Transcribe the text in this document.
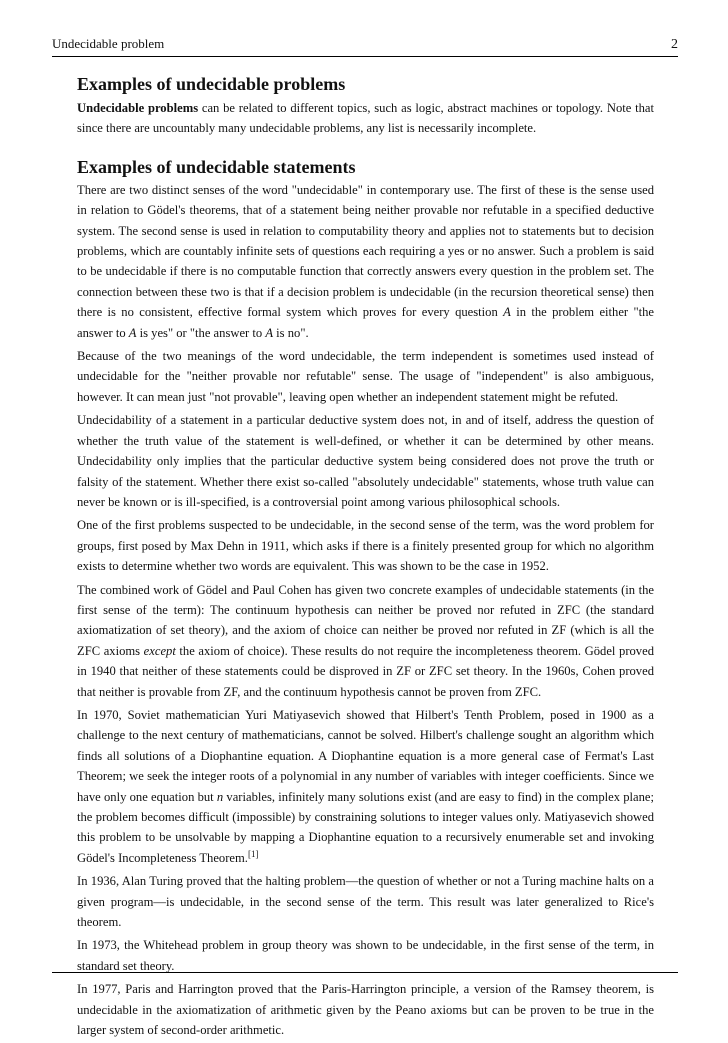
Undecidable problem	2
Examples of undecidable problems

Undecidable problems can be related to different topics, such as logic, abstract machines or topology. Note that since there are uncountably many undecidable problems, any list is necessarily incomplete.

Examples of undecidable statements

There are two distinct senses of the word "undecidable" in contemporary use. The first of these is the sense used in relation to Gödel's theorems, that of a statement being neither provable nor refutable in a specified deductive system. The second sense is used in relation to computability theory and applies not to statements but to decision problems, which are countably infinite sets of questions each requiring a yes or no answer. Such a problem is said to be undecidable if there is no computable function that correctly answers every question in the problem set. The connection between these two is that if a decision problem is undecidable (in the recursion theoretical sense) then there is no consistent, effective formal system which proves for every question A in the problem either "the answer to A is yes" or "the answer to A is no".

Because of the two meanings of the word undecidable, the term independent is sometimes used instead of undecidable for the "neither provable nor refutable" sense. The usage of "independent" is also ambiguous, however. It can mean just "not provable", leaving open whether an independent statement might be refuted.

Undecidability of a statement in a particular deductive system does not, in and of itself, address the question of whether the truth value of the statement is well-defined, or whether it can be determined by other means. Undecidability only implies that the particular deductive system being considered does not prove the truth or falsity of the statement. Whether there exist so-called "absolutely undecidable" statements, whose truth value can never be known or is ill-specified, is a controversial point among various philosophical schools.

One of the first problems suspected to be undecidable, in the second sense of the term, was the word problem for groups, first posed by Max Dehn in 1911, which asks if there is a finitely presented group for which no algorithm exists to determine whether two words are equivalent. This was shown to be the case in 1952.

The combined work of Gödel and Paul Cohen has given two concrete examples of undecidable statements (in the first sense of the term): The continuum hypothesis can neither be proved nor refuted in ZFC (the standard axiomatization of set theory), and the axiom of choice can neither be proved nor refuted in ZF (which is all the ZFC axioms except the axiom of choice). These results do not require the incompleteness theorem. Gödel proved in 1940 that neither of these statements could be disproved in ZF or ZFC set theory. In the 1960s, Cohen proved that neither is provable from ZF, and the continuum hypothesis cannot be proven from ZFC.

In 1970, Soviet mathematician Yuri Matiyasevich showed that Hilbert's Tenth Problem, posed in 1900 as a challenge to the next century of mathematicians, cannot be solved. Hilbert's challenge sought an algorithm which finds all solutions of a Diophantine equation. A Diophantine equation is a more general case of Fermat's Last Theorem; we seek the integer roots of a polynomial in any number of variables with integer coefficients. Since we have only one equation but n variables, infinitely many solutions exist (and are easy to find) in the complex plane; the problem becomes difficult (impossible) by constraining solutions to integer values only. Matiyasevich showed this problem to be unsolvable by mapping a Diophantine equation to a recursively enumerable set and invoking Gödel's Incompleteness Theorem.[1]

In 1936, Alan Turing proved that the halting problem—the question of whether or not a Turing machine halts on a given program—is undecidable, in the second sense of the term. This result was later generalized to Rice's theorem.

In 1973, the Whitehead problem in group theory was shown to be undecidable, in the first sense of the term, in standard set theory.

In 1977, Paris and Harrington proved that the Paris-Harrington principle, a version of the Ramsey theorem, is undecidable in the axiomatization of arithmetic given by the Peano axioms but can be proven to be true in the larger system of second-order arithmetic.
